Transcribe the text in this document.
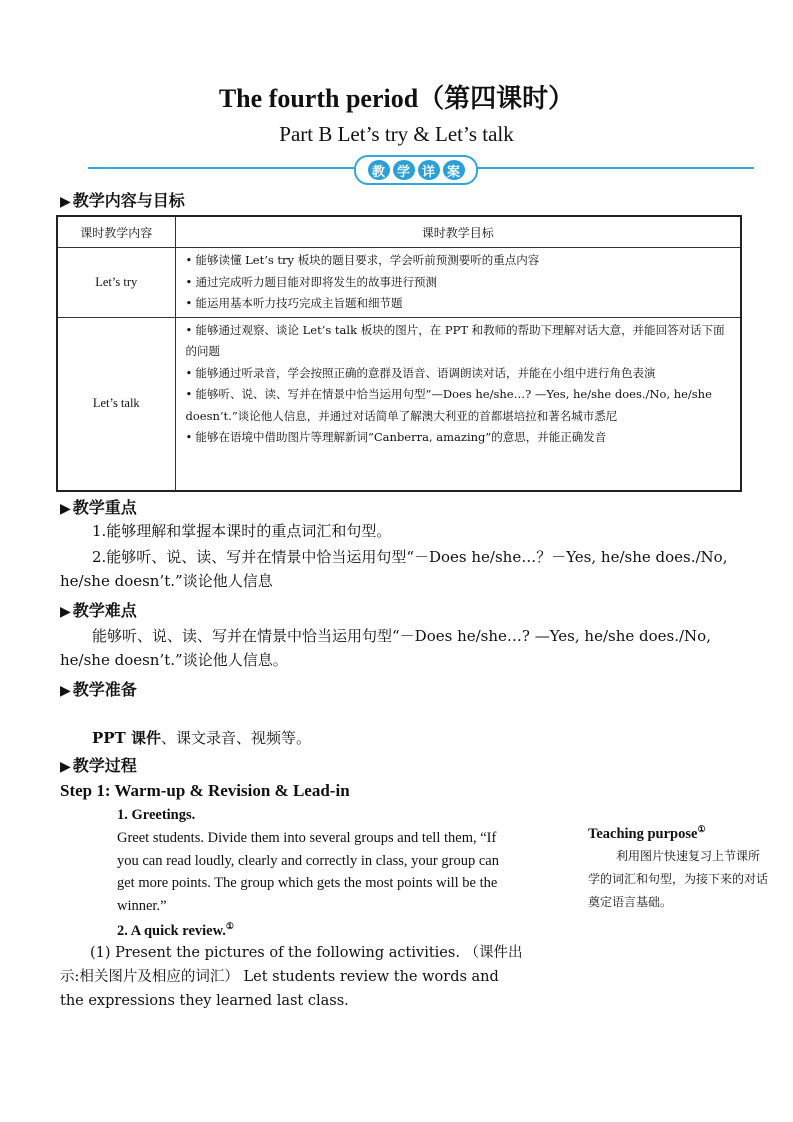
The fourth period（第四课时）
Part B Let’s try & Let’s talk
教 学 详 案
▶ 教学内容与目标
课时教学内容	课时教学目标
Let’s try	• 能够读懂 Let’s try 板块的题目要求，学会听前预测要听的重点内容
• 通过完成听力题目能对即将发生的故事进行预测
• 能运用基本听力技巧完成主旨题和细节题

Let’s talk	• 能够通过观察、谈论 Let’s talk 板块的图片，在 PPT 和教师的帮助下理解对话大意，并能回答对话下面的问题
• 能够通过听录音，学会按照正确的意群及语音、语调朗读对话，并能在小组中进行角色表演
• 能够听、说、读、写并在情景中恰当运用句型“—Does he/she…? —Yes, he/she does./No, he/she doesn’t.”谈论他人信息，并通过对话简单了解澳大利亚的首都堪培拉和著名城市悉尼
• 能够在语境中借助图片等理解新词“Canberra, amazing”的意思，并能正确发音
▶ 教学重点
1.能够理解和掌握本课时的重点词汇和句型。
2.能够听、说、读、写并在情景中恰当运用句型“－Does he/she…？－Yes, he/she does./No, he/she doesn’t.”谈论他人信息
▶ 教学难点
能够听、说、读、写并在情景中恰当运用句型“－Does he/she…? —Yes, he/she does./No, he/she doesn’t.”谈论他人信息。
▶ 教学准备
PPT 课件、课文录音、视频等。
▶ 教学过程
Step 1: Warm-up & Revision & Lead-in
1. Greetings.
Greet students. Divide them into several groups and tell them, “If you can read loudly, clearly and correctly in class, your group can get more points. The group which gets the most points will be the winner.”
2. A quick review.①
(1) Present the pictures of the following activities. （课件出示:相关图片及相应的词汇） Let students review the words and the expressions they learned last class.
Teaching purpose①
利用图片快速复习上节课所学的词汇和句型，为接下来的对话奠定语言基础。
